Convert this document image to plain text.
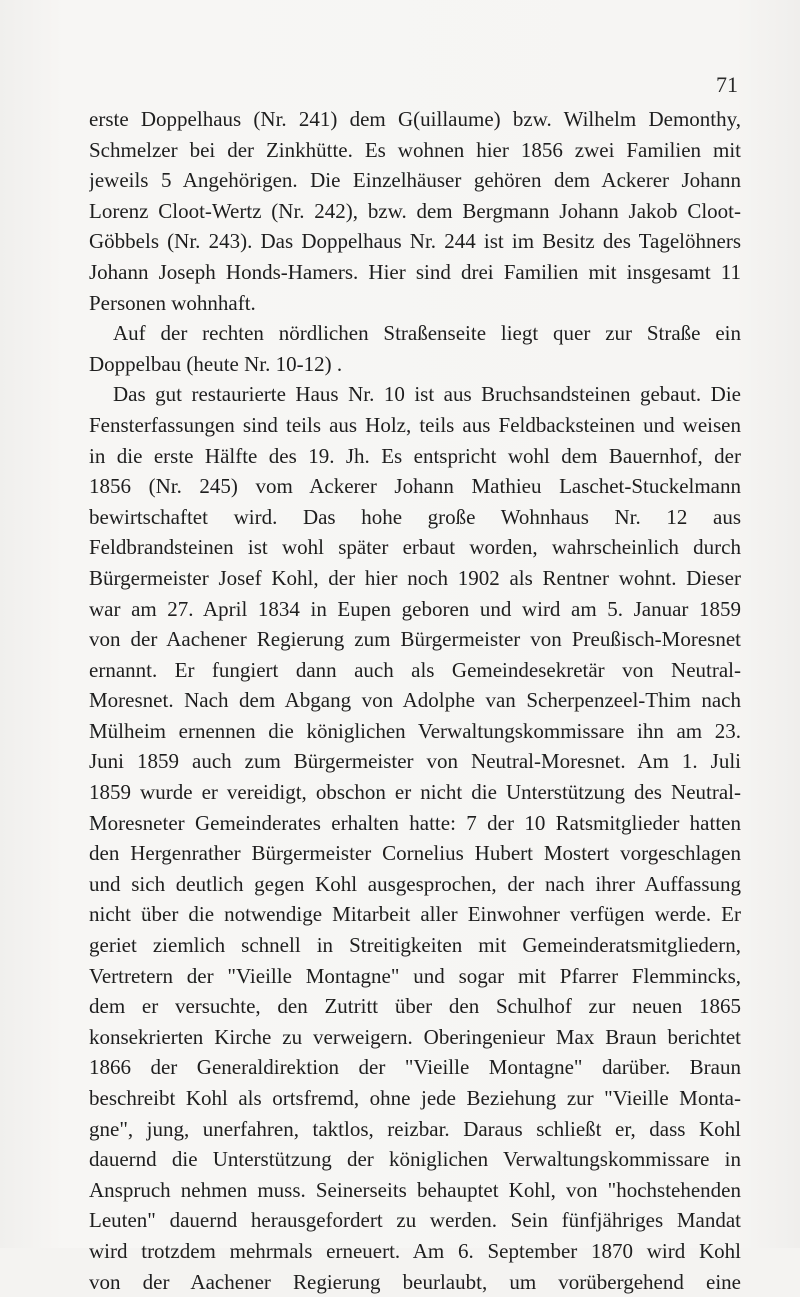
71
erste Doppelhaus (Nr. 241) dem G(uillaume) bzw. Wilhelm Demonthy,
Schmelzer bei der Zinkhütte. Es wohnen hier 1856 zwei Familien mit
jeweils 5 Angehörigen. Die Einzelhäuser gehören dem Ackerer Johann
Lorenz Cloot-Wertz (Nr. 242), bzw. dem Bergmann Johann Jakob Cloot-
Göbbels (Nr. 243). Das Doppelhaus Nr. 244 ist im Besitz des Tagelöhners
Johann Joseph Honds-Hamers. Hier sind drei Familien mit insgesamt 11
Personen wohnhaft.
Auf der rechten nördlichen Straßenseite liegt quer zur Straße ein
Doppelbau (heute Nr. 10-12) .
Das gut restaurierte Haus Nr. 10 ist aus Bruchsandsteinen gebaut. Die
Fensterfassungen sind teils aus Holz, teils aus Feldbacksteinen und weisen
in die erste Hälfte des 19. Jh. Es entspricht wohl dem Bauernhof, der
1856 (Nr. 245) vom Ackerer Johann Mathieu Laschet-Stuckelmann
bewirtschaftet wird. Das hohe große Wohnhaus Nr. 12 aus
Feldbrandsteinen ist wohl später erbaut worden, wahrscheinlich durch
Bürgermeister Josef Kohl, der hier noch 1902 als Rentner wohnt. Dieser
war am 27. April 1834 in Eupen geboren und wird am 5. Januar 1859
von der Aachener Regierung zum Bürgermeister von Preußisch-Moresnet
ernannt. Er fungiert dann auch als Gemeindesekretär von Neutral-
Moresnet. Nach dem Abgang von Adolphe van Scherpenzeel-Thim nach
Mülheim ernennen die königlichen Verwaltungskommissare ihn am 23.
Juni 1859 auch zum Bürgermeister von Neutral-Moresnet. Am 1. Juli
1859 wurde er vereidigt, obschon er nicht die Unterstützung des Neutral-
Moresneter Gemeinderates erhalten hatte: 7 der 10 Ratsmitglieder hatten
den Hergenrather Bürgermeister Cornelius Hubert Mostert vorgeschlagen
und sich deutlich gegen Kohl ausgesprochen, der nach ihrer Auffassung
nicht über die notwendige Mitarbeit aller Einwohner verfügen werde. Er
geriet ziemlich schnell in Streitigkeiten mit Gemeinderatsmitgliedern,
Vertretern der "Vieille Montagne" und sogar mit Pfarrer Flemmincks,
dem er versuchte, den Zutritt über den Schulhof zur neuen 1865
konsekrierten Kirche zu verweigern. Oberingenieur Max Braun berichtet
1866 der Generaldirektion der "Vieille Montagne" darüber. Braun
beschreibt Kohl als ortsfremd, ohne jede Beziehung zur "Vieille Monta-
gne", jung, unerfahren, taktlos, reizbar. Daraus schließt er, dass Kohl
dauernd die Unterstützung der königlichen Verwaltungskommissare in
Anspruch nehmen muss. Seinerseits behauptet Kohl, von "hochstehenden
Leuten" dauernd herausgefordert zu werden. Sein fünfjähriges Mandat
wird trotzdem mehrmals erneuert. Am 6. September 1870 wird Kohl
von der Aachener Regierung beurlaubt, um vorübergehend eine
